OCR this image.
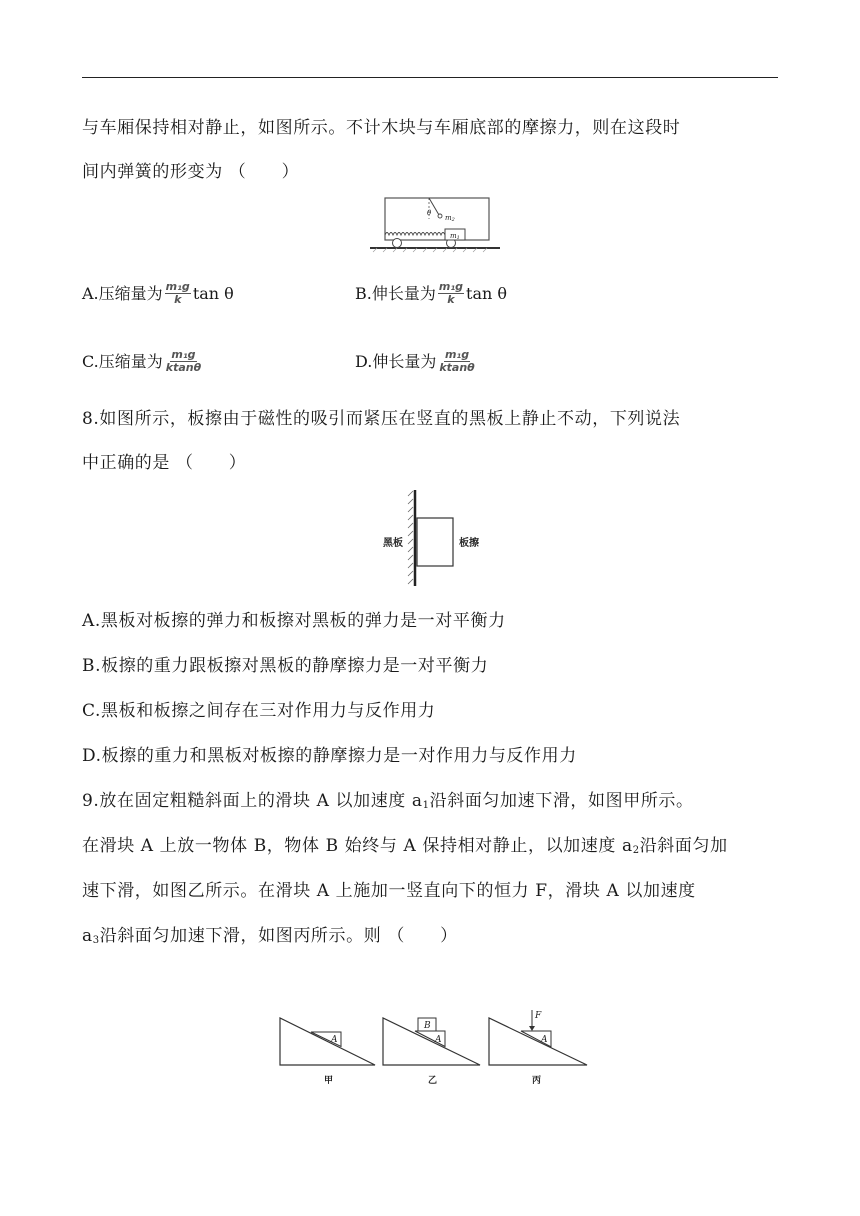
与车厢保持相对静止，如图所示。不计木块与车厢底部的摩擦力，则在这段时
间内弹簧的形变为 （　　）
m1
θ
m2
A.压缩量为 $\frac{\text{m₁g}}{k}$ tan θ	B.伸长量为 $\frac{\text{m₁g}}{k}$ tan θ
C.压缩量为 $\frac{\text{m₁g}}{ktan\theta}$	D.伸长量为 $\frac{\text{m₁g}}{ktan\theta}$
8.如图所示，板擦由于磁性的吸引而紧压在竖直的黑板上静止不动，下列说法
中正确的是 （　　）
黑板	板擦
A.黑板对板擦的弹力和板擦对黑板的弹力是一对平衡力
B.板擦的重力跟板擦对黑板的静摩擦力是一对平衡力
C.黑板和板擦之间存在三对作用力与反作用力
D.板擦的重力和黑板对板擦的静摩擦力是一对作用力与反作用力
9.放在固定粗糙斜面上的滑块 A 以加速度 $a_1$沿斜面匀加速下滑，如图甲所示。
在滑块 A 上放一物体 B，物体 B 始终与 A 保持相对静止，以加速度 $a_2$沿斜面匀加
速下滑，如图乙所示。在滑块 A 上施加一竖直向下的恒力 F，滑块 A 以加速度
$a_3$沿斜面匀加速下滑，如图丙所示。则 （　　）
A
甲
B
A
乙
F
A
丙
